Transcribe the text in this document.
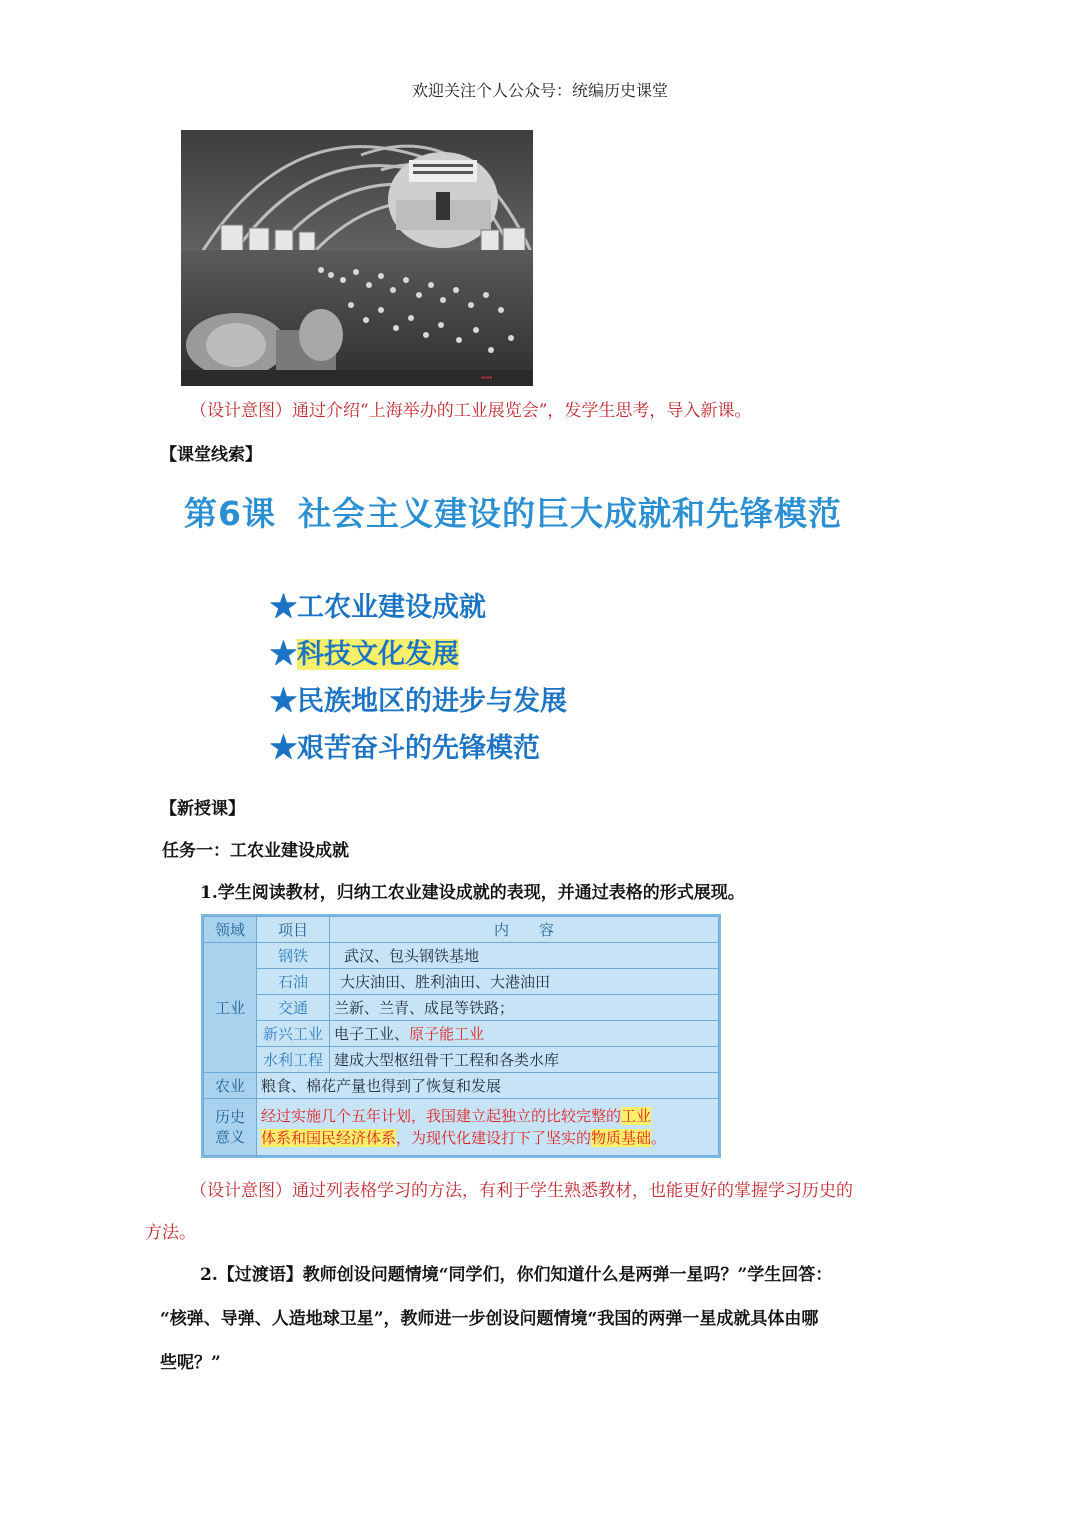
欢迎关注个人公众号：统编历史课堂
▪▪▪▪
（设计意图）通过介绍“上海举办的工业展览会”，发学生思考，导入新课。
【课堂线索】
第6课 社会主义建设的巨大成就和先锋模范
★工农业建设成就
★科技文化发展
★民族地区的进步与发展
★艰苦奋斗的先锋模范
【新授课】
任务一：工农业建设成就
1.学生阅读教材，归纳工农业建设成就的表现，并通过表格的形式展现。
领域	项目	内　　容
工业	钢铁	武汉、包头钢铁基地
	石油	大庆油田、胜利油田、大港油田
	交通	兰新、兰青、成昆等铁路；
	新兴工业	电子工业、原子能工业
	水利工程	建成大型枢纽骨干工程和各类水库
农业	粮食、棉花产量也得到了恢复和发展	
历史
意义	经过实施几个五年计划，我国建立起独立的比较完整的工业
体系和国民经济体系，为现代化建设打下了坚实的物质基础。	
（设计意图）通过列表格学习的方法，有利于学生熟悉教材，也能更好的掌握学习历史的
方法。
2.【过渡语】教师创设问题情境“同学们，你们知道什么是两弹一星吗？”学生回答：
“核弹、导弹、人造地球卫星”，教师进一步创设问题情境“我国的两弹一星成就具体由哪
些呢？”
